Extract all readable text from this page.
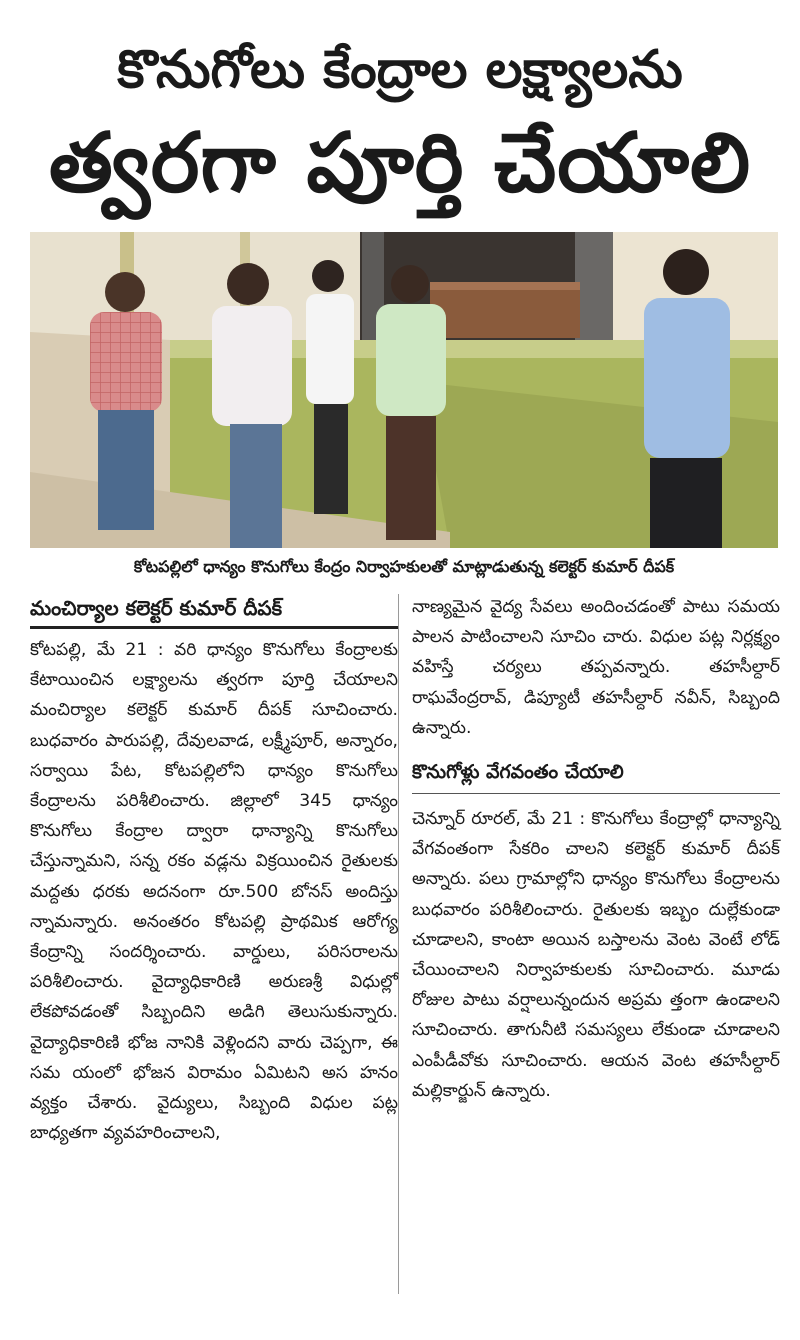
కొనుగోలు కేంద్రాల లక్ష్యాలను
త్వరగా పూర్తి చేయాలి
కోటపల్లిలో ధాన్యం కొనుగోలు కేంద్రం నిర్వాహకులతో మాట్లాడుతున్న కలెక్టర్ కుమార్ దీపక్
మంచిర్యాల కలెక్టర్ కుమార్ దీపక్

కోటపల్లి, మే 21 : వరి ధాన్యం కొనుగోలు కేంద్రాలకు కేటాయించిన లక్ష్యాలను త్వరగా పూర్తి చేయాలని మంచిర్యాల కలెక్టర్ కుమార్ దీపక్ సూచించారు. బుధవారం పారుపల్లి, దేవులవాడ, లక్ష్మీపూర్, అన్నారం, సర్వాయి పేట, కోటపల్లిలోని ధాన్యం కొనుగోలు కేంద్రాలను పరిశీలించారు. జిల్లాలో 345 ధాన్యం కొనుగోలు కేంద్రాల ద్వారా ధాన్యాన్ని కొనుగోలు చేస్తున్నామని, సన్న రకం వడ్లను విక్రయించిన రైతులకు మద్దతు ధరకు అదనంగా రూ.500 బోనస్ అందిస్తు న్నామన్నారు. అనంతరం కోటపల్లి ప్రాథమిక ఆరోగ్య కేంద్రాన్ని సందర్శించారు. వార్డులు, పరిసరాలను పరిశీలించారు. వైద్యాధికారిణి అరుణశ్రీ విధుల్లో లేకపోవడంతో సిబ్బందిని అడిగి తెలుసుకున్నారు. వైద్యాధికారిణి భోజ నానికి వెళ్లిందని వారు చెప్పగా, ఈ సమ యంలో భోజన విరామం ఏమిటని అస హనం వ్యక్తం చేశారు. వైద్యులు, సిబ్బంది విధుల పట్ల బాధ్యతగా వ్యవహరించాలని,

నాణ్యమైన వైద్య సేవలు అందించడంతో పాటు సమయ పాలన పాటించాలని సూచిం చారు. విధుల పట్ల నిర్లక్ష్యం వహిస్తే చర్యలు తప్పవన్నారు. తహసీల్దార్ రాఘవేంద్రరావ్, డిప్యూటీ తహసీల్దార్ నవీన్, సిబ్బంది ఉన్నారు.

కొనుగోళ్లు వేగవంతం చేయాలి

చెన్నూర్ రూరల్, మే 21 : కొనుగోలు కేంద్రాల్లో ధాన్యాన్ని వేగవంతంగా సేకరిం చాలని కలెక్టర్ కుమార్ దీపక్ అన్నారు. పలు గ్రామాల్లోని ధాన్యం కొనుగోలు కేంద్రాలను బుధవారం పరిశీలించారు. రైతులకు ఇబ్బం దుల్లేకుండా చూడాలని, కాంటా అయిన బస్తాలను వెంట వెంటే లోడ్ చేయించాలని నిర్వాహకులకు సూచించారు. మూడు రోజుల పాటు వర్షాలున్నందున అప్రమ త్తంగా ఉండాలని సూచించారు. తాగునీటి సమస్యలు లేకుండా చూడాలని ఎంపీడీవోకు సూచించారు. ఆయన వెంట తహసీల్దార్ మల్లికార్జున్ ఉన్నారు.
